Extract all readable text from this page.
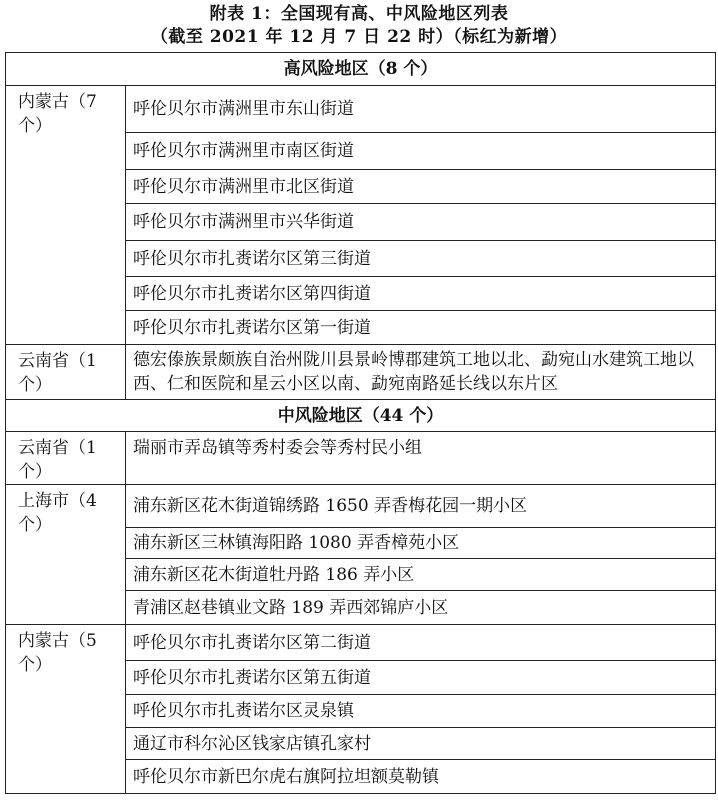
附表 1：全国现有高、中风险地区列表
（截至 2021 年 12 月 7 日 22 时）（标红为新增）
高风险地区（8 个）	
内蒙古（7 个）	呼伦贝尔市满洲里市东山街道
	呼伦贝尔市满洲里市南区街道
	呼伦贝尔市满洲里市北区街道
	呼伦贝尔市满洲里市兴华街道
	呼伦贝尔市扎赉诺尔区第三街道
	呼伦贝尔市扎赉诺尔区第四街道
	呼伦贝尔市扎赉诺尔区第一街道
云南省（1 个）	德宏傣族景颇族自治州陇川县景岭博郡建筑工地以北、勐宛山水建筑工地以西、仁和医院和星云小区以南、勐宛南路延长线以东片区
中风险地区（44 个）	
云南省（1 个）	瑞丽市弄岛镇等秀村委会等秀村民小组
上海市（4 个）	浦东新区花木街道锦绣路 1650 弄香梅花园一期小区
	浦东新区三林镇海阳路 1080 弄香樟苑小区
	浦东新区花木街道牡丹路 186 弄小区
	青浦区赵巷镇业文路 189 弄西郊锦庐小区
内蒙古（5 个）	呼伦贝尔市扎赉诺尔区第二街道
	呼伦贝尔市扎赉诺尔区第五街道
	呼伦贝尔市扎赉诺尔区灵泉镇
	通辽市科尔沁区钱家店镇孔家村
	呼伦贝尔市新巴尔虎右旗阿拉坦额莫勒镇
